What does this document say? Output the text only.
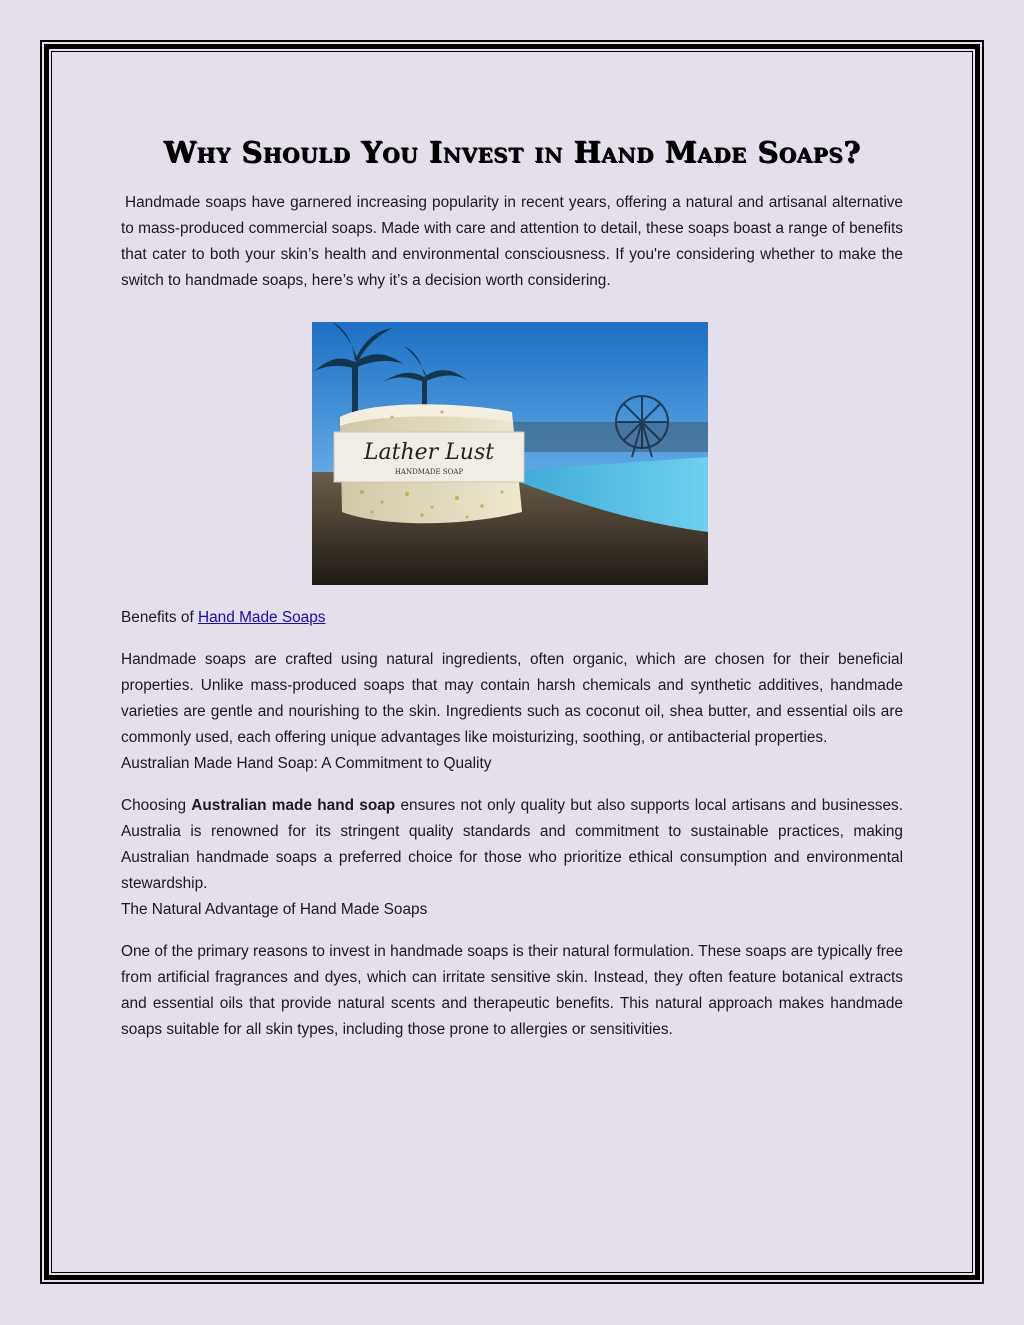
Why Should You Invest in Hand Made Soaps?

Handmade soaps have garnered increasing popularity in recent years, offering a natural and artisanal alternative to mass-produced commercial soaps. Made with care and attention to detail, these soaps boast a range of benefits that cater to both your skin’s health and environmental consciousness. If you're considering whether to make the switch to handmade soaps, here’s why it’s a decision worth considering.

Lather Lust
HANDMADE SOAP

Benefits of Hand Made Soaps

Handmade soaps are crafted using natural ingredients, often organic, which are chosen for their beneficial properties. Unlike mass-produced soaps that may contain harsh chemicals and synthetic additives, handmade varieties are gentle and nourishing to the skin. Ingredients such as coconut oil, shea butter, and essential oils are commonly used, each offering unique advantages like moisturizing, soothing, or antibacterial properties.

Australian Made Hand Soap: A Commitment to Quality

Choosing Australian made hand soap ensures not only quality but also supports local artisans and businesses. Australia is renowned for its stringent quality standards and commitment to sustainable practices, making Australian handmade soaps a preferred choice for those who prioritize ethical consumption and environmental stewardship.

The Natural Advantage of Hand Made Soaps

One of the primary reasons to invest in handmade soaps is their natural formulation. These soaps are typically free from artificial fragrances and dyes, which can irritate sensitive skin. Instead, they often feature botanical extracts and essential oils that provide natural scents and therapeutic benefits. This natural approach makes handmade soaps suitable for all skin types, including those prone to allergies or sensitivities.
